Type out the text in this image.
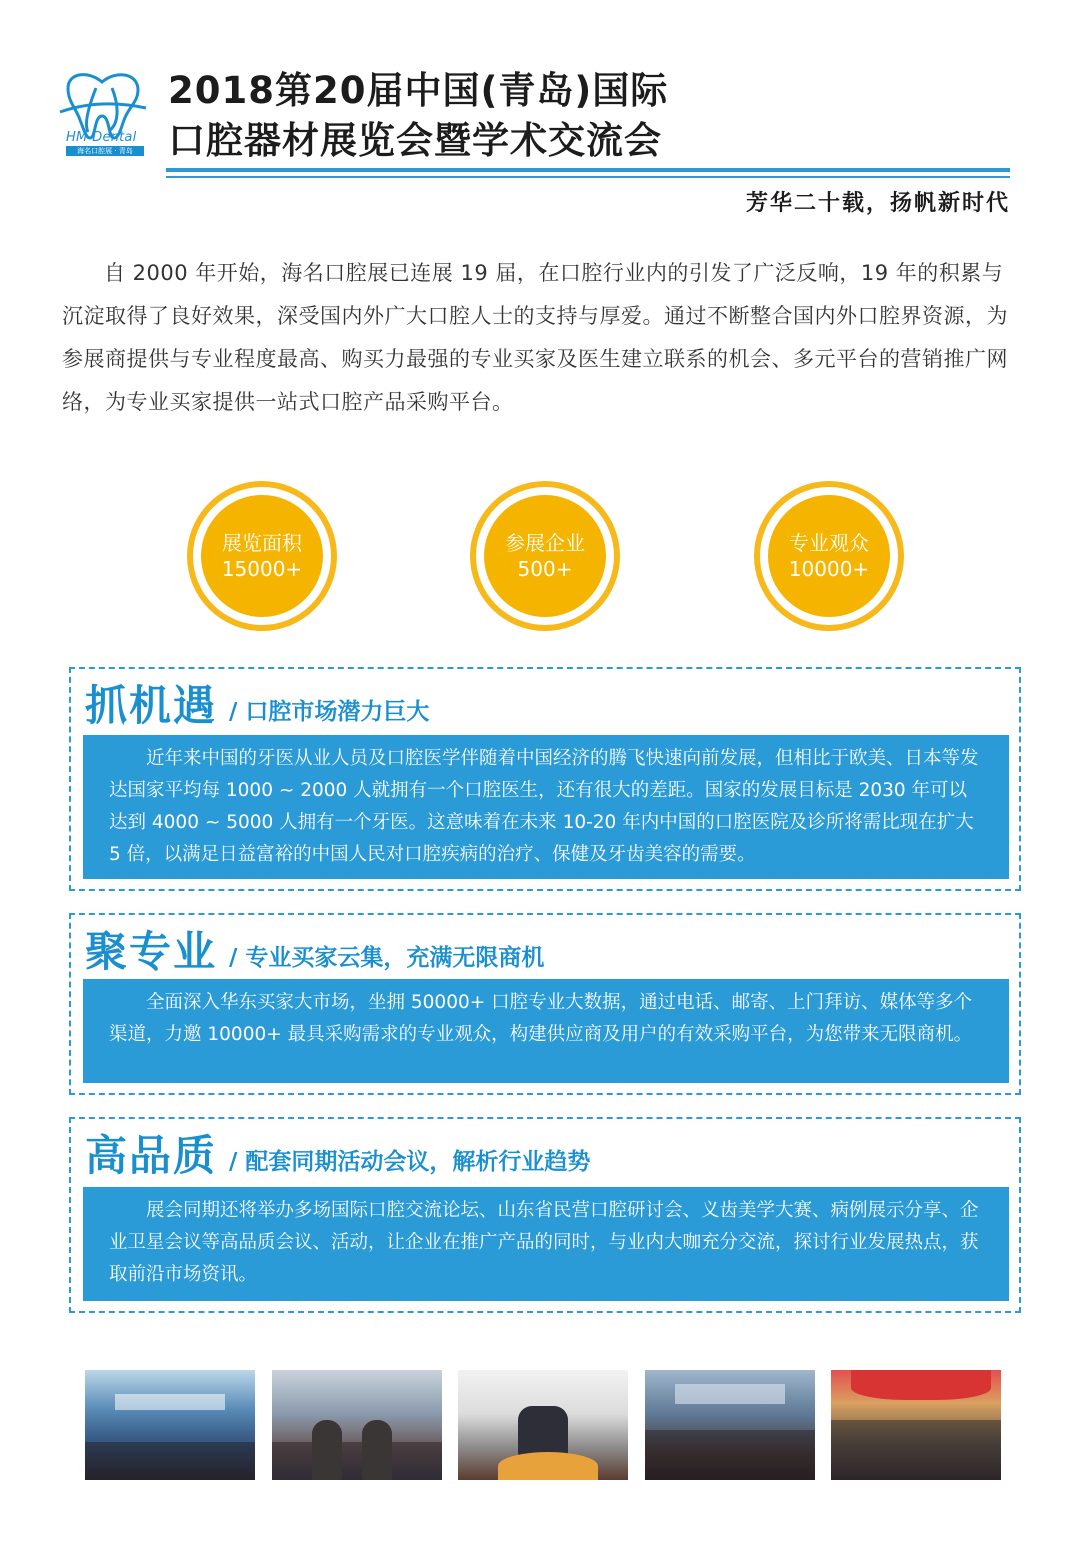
HM-Dental
海名口腔展 · 青岛
2018第20届中国(青岛)国际
口腔器材展览会暨学术交流会
芳华二十载，扬帆新时代

自 2000 年开始，海名口腔展已连展 19 届，在口腔行业内的引发了广泛反响，19 年的积累与沉淀取得了良好效果，深受国内外广大口腔人士的支持与厚爱。通过不断整合国内外口腔界资源，为参展商提供与专业程度最高、购买力最强的专业买家及医生建立联系的机会、多元平台的营销推广网络，为专业买家提供一站式口腔产品采购平台。

展览面积
15000+
参展企业
500+
专业观众
10000+
抓机遇 / 口腔市场潜力巨大

近年来中国的牙医从业人员及口腔医学伴随着中国经济的腾飞快速向前发展，但相比于欧美、日本等发达国家平均每 1000 ~ 2000 人就拥有一个口腔医生，还有很大的差距。国家的发展目标是 2030 年可以达到 4000 ~ 5000 人拥有一个牙医。这意味着在未来 10-20 年内中国的口腔医院及诊所将需比现在扩大 5 倍，以满足日益富裕的中国人民对口腔疾病的治疗、保健及牙齿美容的需要。

聚专业 / 专业买家云集，充满无限商机

全面深入华东买家大市场，坐拥 50000+ 口腔专业大数据，通过电话、邮寄、上门拜访、媒体等多个渠道，力邀 10000+ 最具采购需求的专业观众，构建供应商及用户的有效采购平台，为您带来无限商机。

高品质 / 配套同期活动会议，解析行业趋势

展会同期还将举办多场国际口腔交流论坛、山东省民营口腔研讨会、义齿美学大赛、病例展示分享、企业卫星会议等高品质会议、活动，让企业在推广产品的同时，与业内大咖充分交流，探讨行业发展热点，获取前沿市场资讯。
